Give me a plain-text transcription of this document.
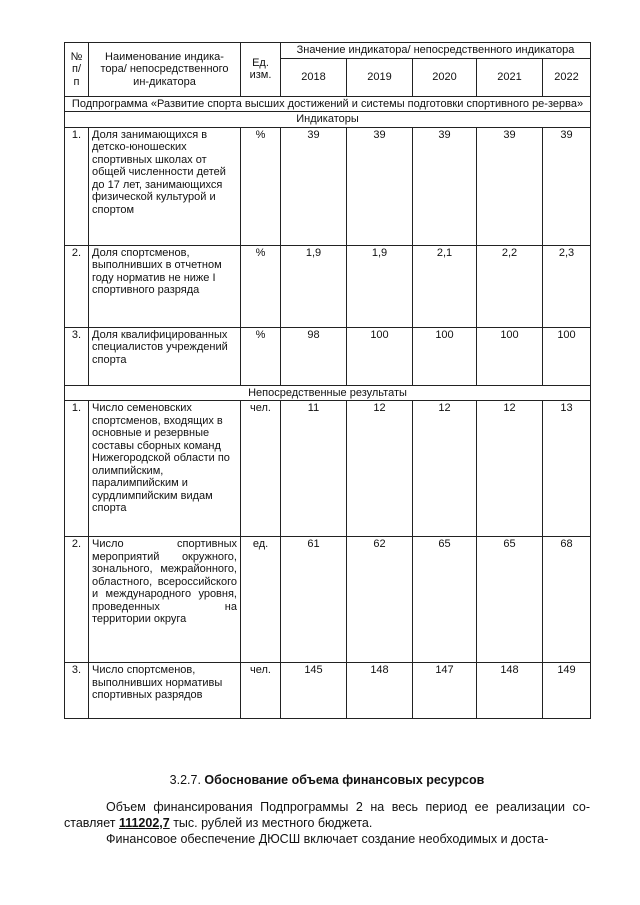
№ п/ п	Наименование индика-тора/ непосредственного ин-дикатора	Ед. изм.	Значение индикатора/ непосредственного индикатора				
			2018	2019	2020	2021	2022
Подпрограмма «Развитие спорта высших достижений и системы подготовки спортивного ре-зерва»							
Индикаторы							
1.	Доля занимающихся в детско-юношеских спортивных школах от общей численности детей до 17 лет, занимающихся физической культурой и спортом	%	39	39	39	39	39
2.	Доля спортсменов, выполнивших в отчетном году норматив не ниже I спортивного разряда	%	1,9	1,9	2,1	2,2	2,3
3.	Доля квалифицированных специалистов учреждений спорта	%	98	100	100	100	100
Непосредственные результаты							
1.	Число семеновских спортсменов, входящих в основные и резервные составы сборных команд Нижегородской области по олимпийским, паралимпийским и сурдлимпийским видам спорта	чел.	11	12	12	12	13
2.	Число спортивных мероприятий окружного, зонального, межрайонного, областного, всероссийского и международного уровня, проведенных на территории округа	ед.	61	62	65	65	68
3.	Число спортсменов, выполнивших нормативы спортивных разрядов	чел.	145	148	147	148	149
3.2.7. Обоснование объема финансовых ресурсов
Объем финансирования Подпрограммы 2 на весь период ее реализации со-ставляет 111202,7 тыс. рублей из местного бюджета.
Финансовое обеспечение ДЮСШ включает создание необходимых и доста-
